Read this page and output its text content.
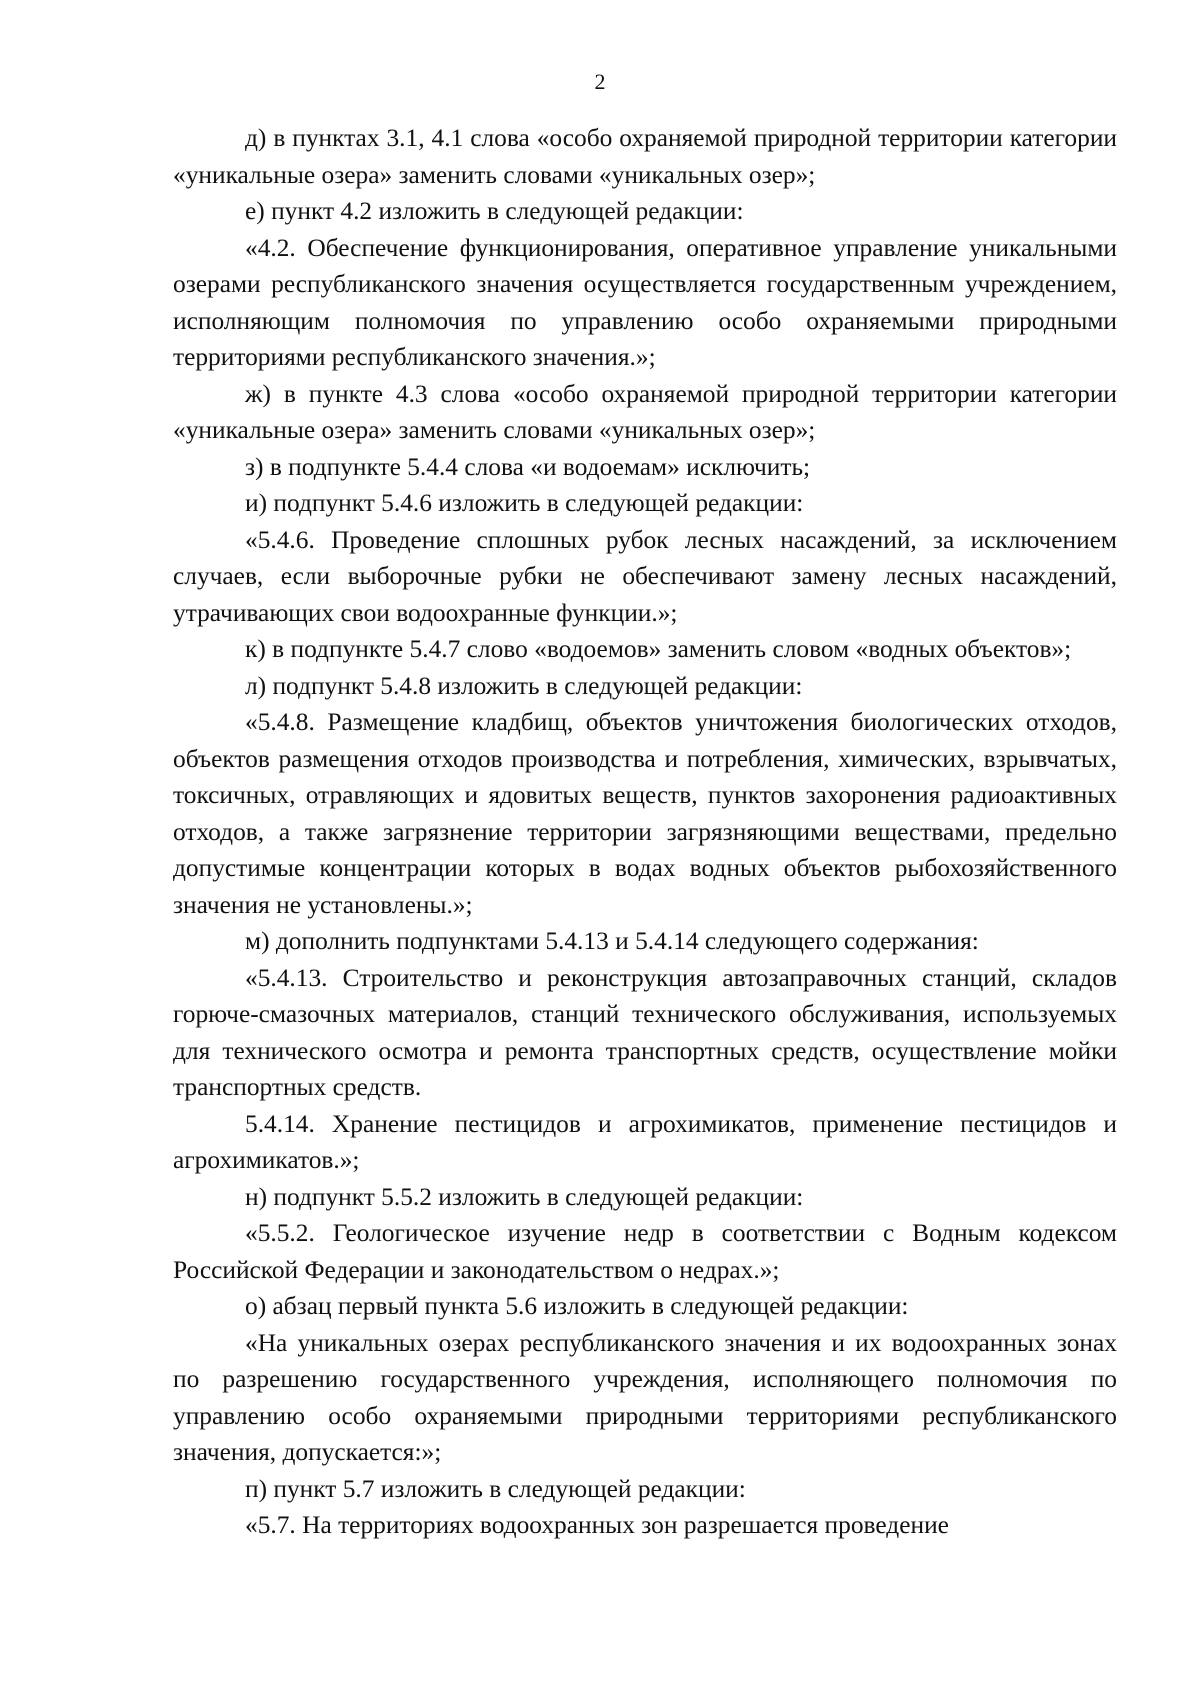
2

д) в пунктах 3.1, 4.1 слова «особо охраняемой природной территории категории «уникальные озера» заменить словами «уникальных озер»;

е) пункт 4.2 изложить в следующей редакции:

«4.2. Обеспечение функционирования, оперативное управление уникальными озерами республиканского значения осуществляется государственным учреждением, исполняющим полномочия по управлению особо охраняемыми природными территориями республиканского значения.»;

ж) в пункте 4.3 слова «особо охраняемой природной территории категории «уникальные озера» заменить словами «уникальных озер»;

з) в подпункте 5.4.4 слова «и водоемам» исключить;

и) подпункт 5.4.6 изложить в следующей редакции:

«5.4.6. Проведение сплошных рубок лесных насаждений, за исключением случаев, если выборочные рубки не обеспечивают замену лесных насаждений, утрачивающих свои водоохранные функции.»;

к) в подпункте 5.4.7 слово «водоемов» заменить словом «водных объектов»;

л) подпункт 5.4.8 изложить в следующей редакции:

«5.4.8. Размещение кладбищ, объектов уничтожения биологических отходов, объектов размещения отходов производства и потребления, химических, взрывчатых, токсичных, отравляющих и ядовитых веществ, пунктов захоронения радиоактивных отходов, а также загрязнение территории загрязняющими веществами, предельно допустимые концентрации которых в водах водных объектов рыбохозяйственного значения не установлены.»;

м) дополнить подпунктами 5.4.13 и 5.4.14 следующего содержания:

«5.4.13. Строительство и реконструкция автозаправочных станций, складов горюче-смазочных материалов, станций технического обслуживания, используемых для технического осмотра и ремонта транспортных средств, осуществление мойки транспортных средств.

5.4.14. Хранение пестицидов и агрохимикатов, применение пестицидов и агрохимикатов.»;

н) подпункт 5.5.2 изложить в следующей редакции:

«5.5.2. Геологическое изучение недр в соответствии с Водным кодексом Российской Федерации и законодательством о недрах.»;

о) абзац первый пункта 5.6 изложить в следующей редакции:

«На уникальных озерах республиканского значения и их водоохранных зонах по разрешению государственного учреждения, исполняющего полномочия по управлению особо охраняемыми природными территориями республиканского значения, допускается:»;

п) пункт 5.7 изложить в следующей редакции:

«5.7. На территориях водоохранных зон разрешается проведение
